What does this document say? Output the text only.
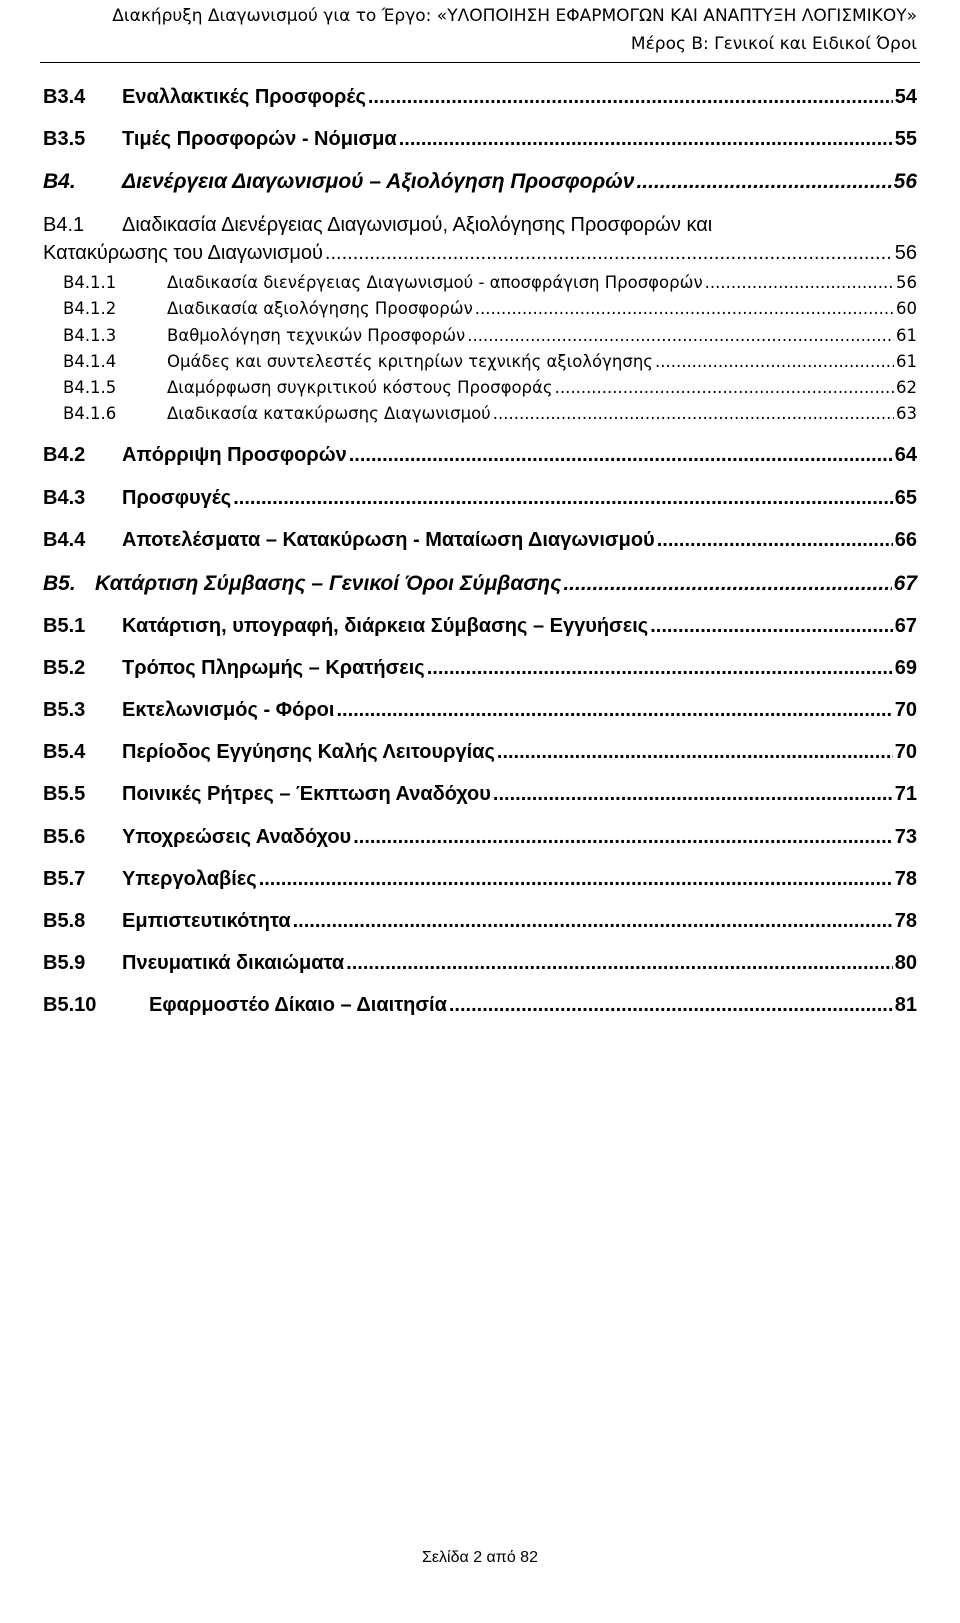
Διακήρυξη Διαγωνισμού για το Έργο: «ΥΛΟΠΟΙΗΣΗ ΕΦΑΡΜΟΓΩΝ ΚΑΙ ΑΝΑΠΤΥΞΗ ΛΟΓΙΣΜΙΚΟΥ»
Μέρος Β: Γενικοί και Ειδικοί Όροι
B3.4	Εναλλακτικές Προσφορές .....	54
B3.5	Τιμές Προσφορών - Νόμισμα .....	55
B4.	Διενέργεια Διαγωνισμού – Αξιολόγηση Προσφορών .....	56
B4.1	Διαδικασία Διενέργειας Διαγωνισμού, Αξιολόγησης Προσφορών και
Κατακύρωσης του Διαγωνισμού .....	56
B4.1.1	Διαδικασία διενέργειας Διαγωνισμού - αποσφράγιση Προσφορών .....	56
B4.1.2	Διαδικασία αξιολόγησης Προσφορών .....	60
B4.1.3	Βαθμολόγηση τεχνικών Προσφορών .....	61
B4.1.4	Ομάδες και συντελεστές κριτηρίων τεχνικής αξιολόγησης .....	61
B4.1.5	Διαμόρφωση συγκριτικού κόστους Προσφοράς .....	62
B4.1.6	Διαδικασία κατακύρωσης Διαγωνισμού .....	63
B4.2	Απόρριψη Προσφορών .....	64
B4.3	Προσφυγές .....	65
B4.4	Αποτελέσματα – Κατακύρωση - Ματαίωση Διαγωνισμού .....	66
B5. Κατάρτιση Σύμβασης – Γενικοί Όροι Σύμβασης .....	67
B5.1	Κατάρτιση, υπογραφή, διάρκεια Σύμβασης – Εγγυήσεις .....	67
B5.2	Τρόπος Πληρωμής – Κρατήσεις .....	69
B5.3	Εκτελωνισμός - Φόροι .....	70
B5.4	Περίοδος Εγγύησης Καλής Λειτουργίας .....	70
B5.5	Ποινικές Ρήτρες – Έκπτωση Αναδόχου .....	71
B5.6	Υποχρεώσεις Αναδόχου .....	73
B5.7	Υπεργολαβίες .....	78
B5.8	Εμπιστευτικότητα .....	78
B5.9	Πνευματικά δικαιώματα .....	80
B5.10	Εφαρμοστέο Δίκαιο – Διαιτησία .....	81
Σελίδα 2 από 82
